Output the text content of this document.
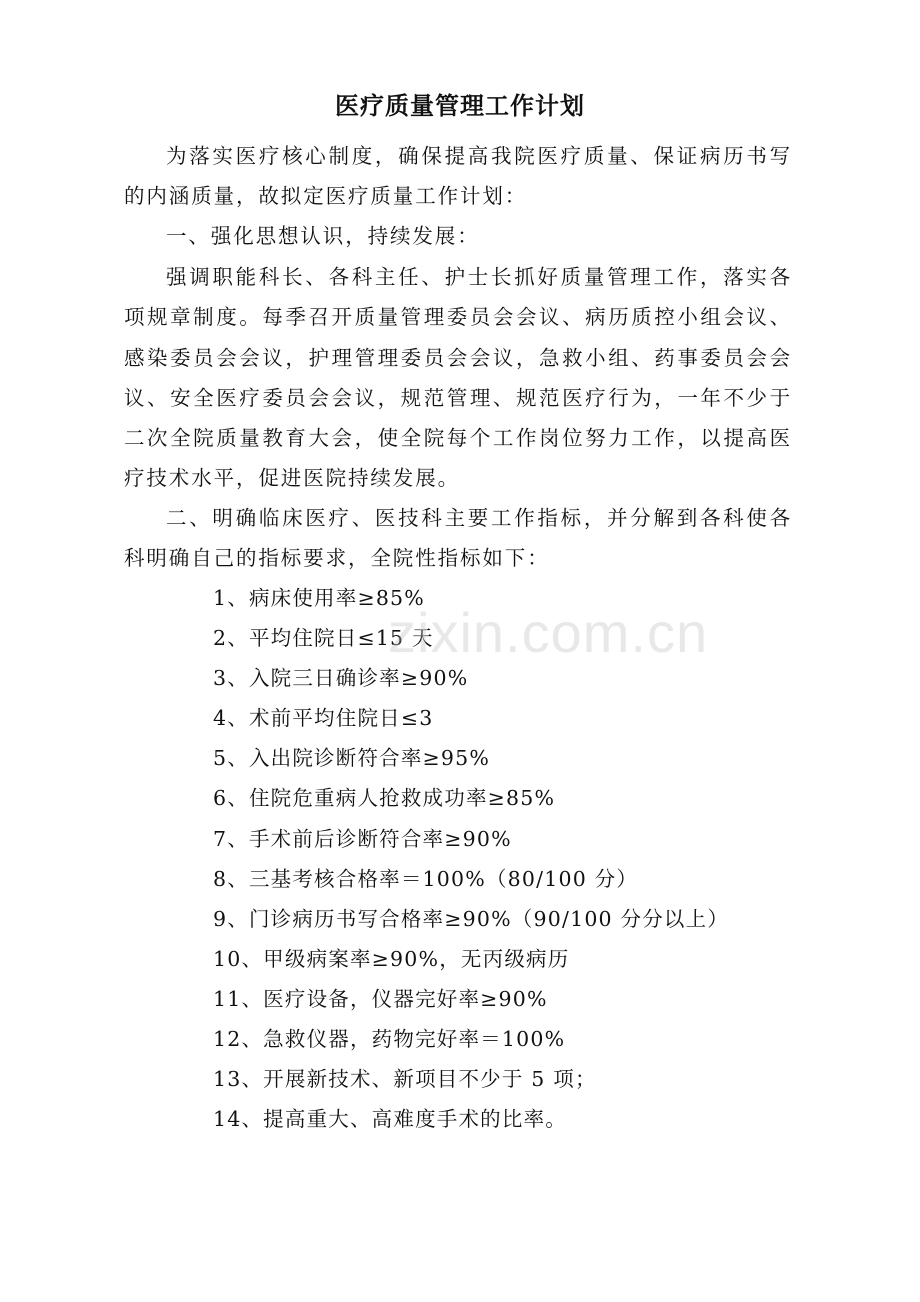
医疗质量管理工作计划
为落实医疗核心制度，确保提高我院医疗质量、保证病历书写的内涵质量，故拟定医疗质量工作计划：
一、强化思想认识，持续发展：
强调职能科长、各科主任、护士长抓好质量管理工作，落实各项规章制度。每季召开质量管理委员会会议、病历质控小组会议、感染委员会会议，护理管理委员会会议，急救小组、药事委员会会议、安全医疗委员会会议，规范管理、规范医疗行为，一年不少于二次全院质量教育大会，使全院每个工作岗位努力工作，以提高医疗技术水平，促进医院持续发展。
二、明确临床医疗、医技科主要工作指标，并分解到各科使各科明确自己的指标要求，全院性指标如下：
1、病床使用率≥85%
2、平均住院日≤15 天
3、入院三日确诊率≥90%
4、术前平均住院日≤3
5、入出院诊断符合率≥95%
6、住院危重病人抢救成功率≥85%
7、手术前后诊断符合率≥90%
8、三基考核合格率＝100%（80/100 分）
9、门诊病历书写合格率≥90%（90/100 分分以上）
10、甲级病案率≥90%，无丙级病历
11、医疗设备，仪器完好率≥90%
12、急救仪器，药物完好率＝100%
13、开展新技术、新项目不少于 5 项；
14、提高重大、高难度手术的比率。
zixin.com.cn
